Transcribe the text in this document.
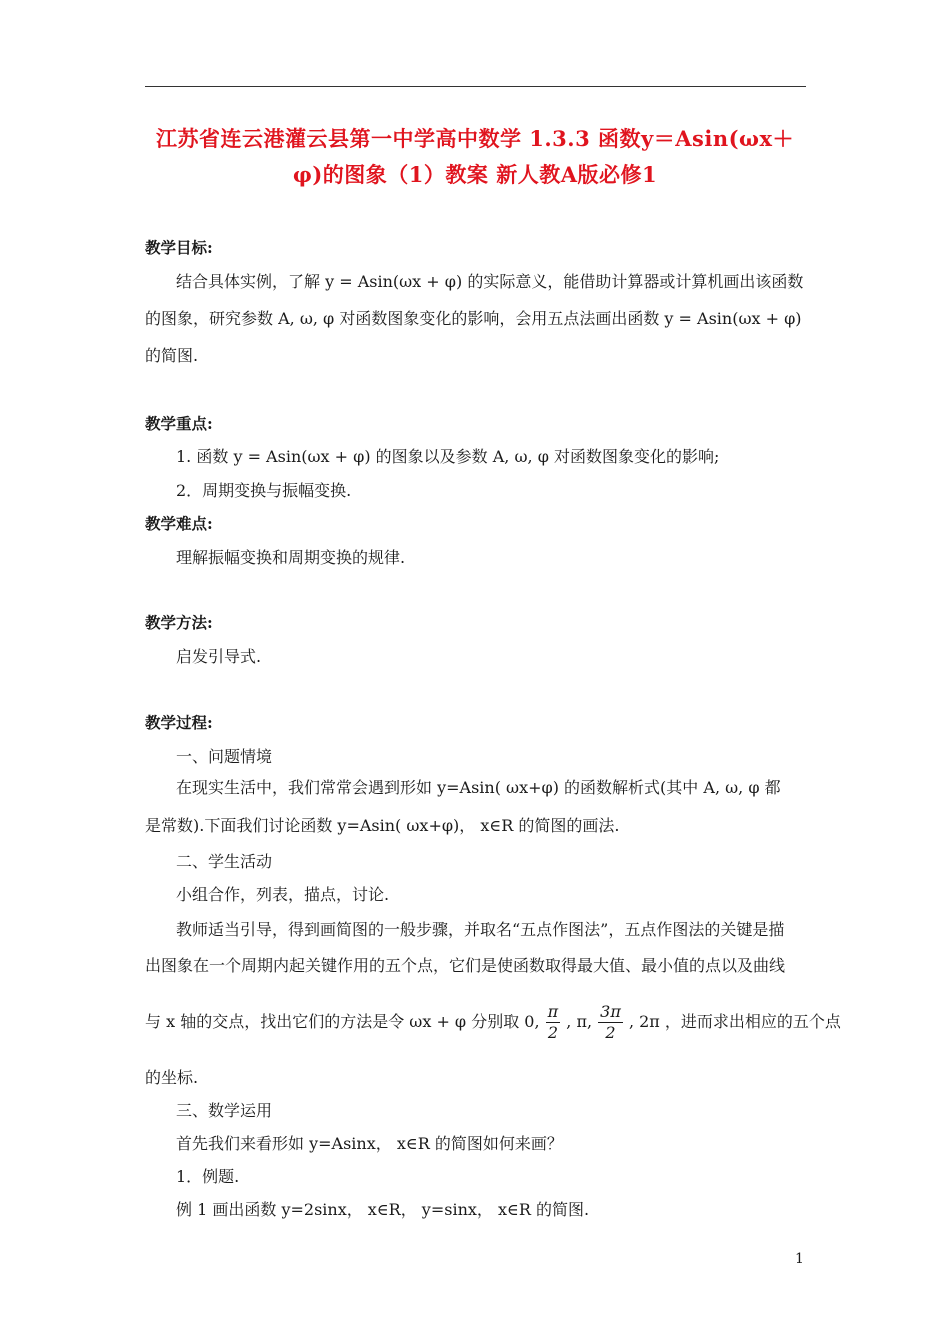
江苏省连云港灌云县第一中学高中数学 1.3.3 函数y＝Asin(ωx＋
φ)的图象（1）教案 新人教A版必修1
教学目标:
结合具体实例，了解 y = Asin(ωx + φ) 的实际意义，能借助计算器或计算机画出该函数
的图象，研究参数 A, ω, φ 对函数图象变化的影响，会用五点法画出函数 y = Asin(ωx + φ)
的简图.
教学重点:
1. 函数 y = Asin(ωx + φ) 的图象以及参数 A, ω, φ 对函数图象变化的影响;
2．周期变换与振幅变换.
教学难点:
理解振幅变换和周期变换的规律.
教学方法:
启发引导式.
教学过程:
一、问题情境
在现实生活中，我们常常会遇到形如 y=Asin( ωx+φ) 的函数解析式(其中 A, ω, φ 都
是常数).下面我们讨论函数 y=Asin( ωx+φ)， x∈R 的简图的画法.
二、学生活动
小组合作，列表，描点，讨论.
教师适当引导，得到画简图的一般步骤，并取名“五点作图法”，五点作图法的关键是描
出图象在一个周期内起关键作用的五个点，它们是使函数取得最大值、最小值的点以及曲线
与 x 轴的交点，找出它们的方法是令 ωx + φ 分别取 0, $\frac{\pi}{2}$ , π, $\frac{3\pi}{2}$ , 2π ，进而求出相应的五个点
的坐标.
三、数学运用
首先我们来看形如 y=Asinx， x∈R 的简图如何来画？
1．例题.
例 1 画出函数 y=2sinx， x∈R， y=sinx， x∈R 的简图.
1
